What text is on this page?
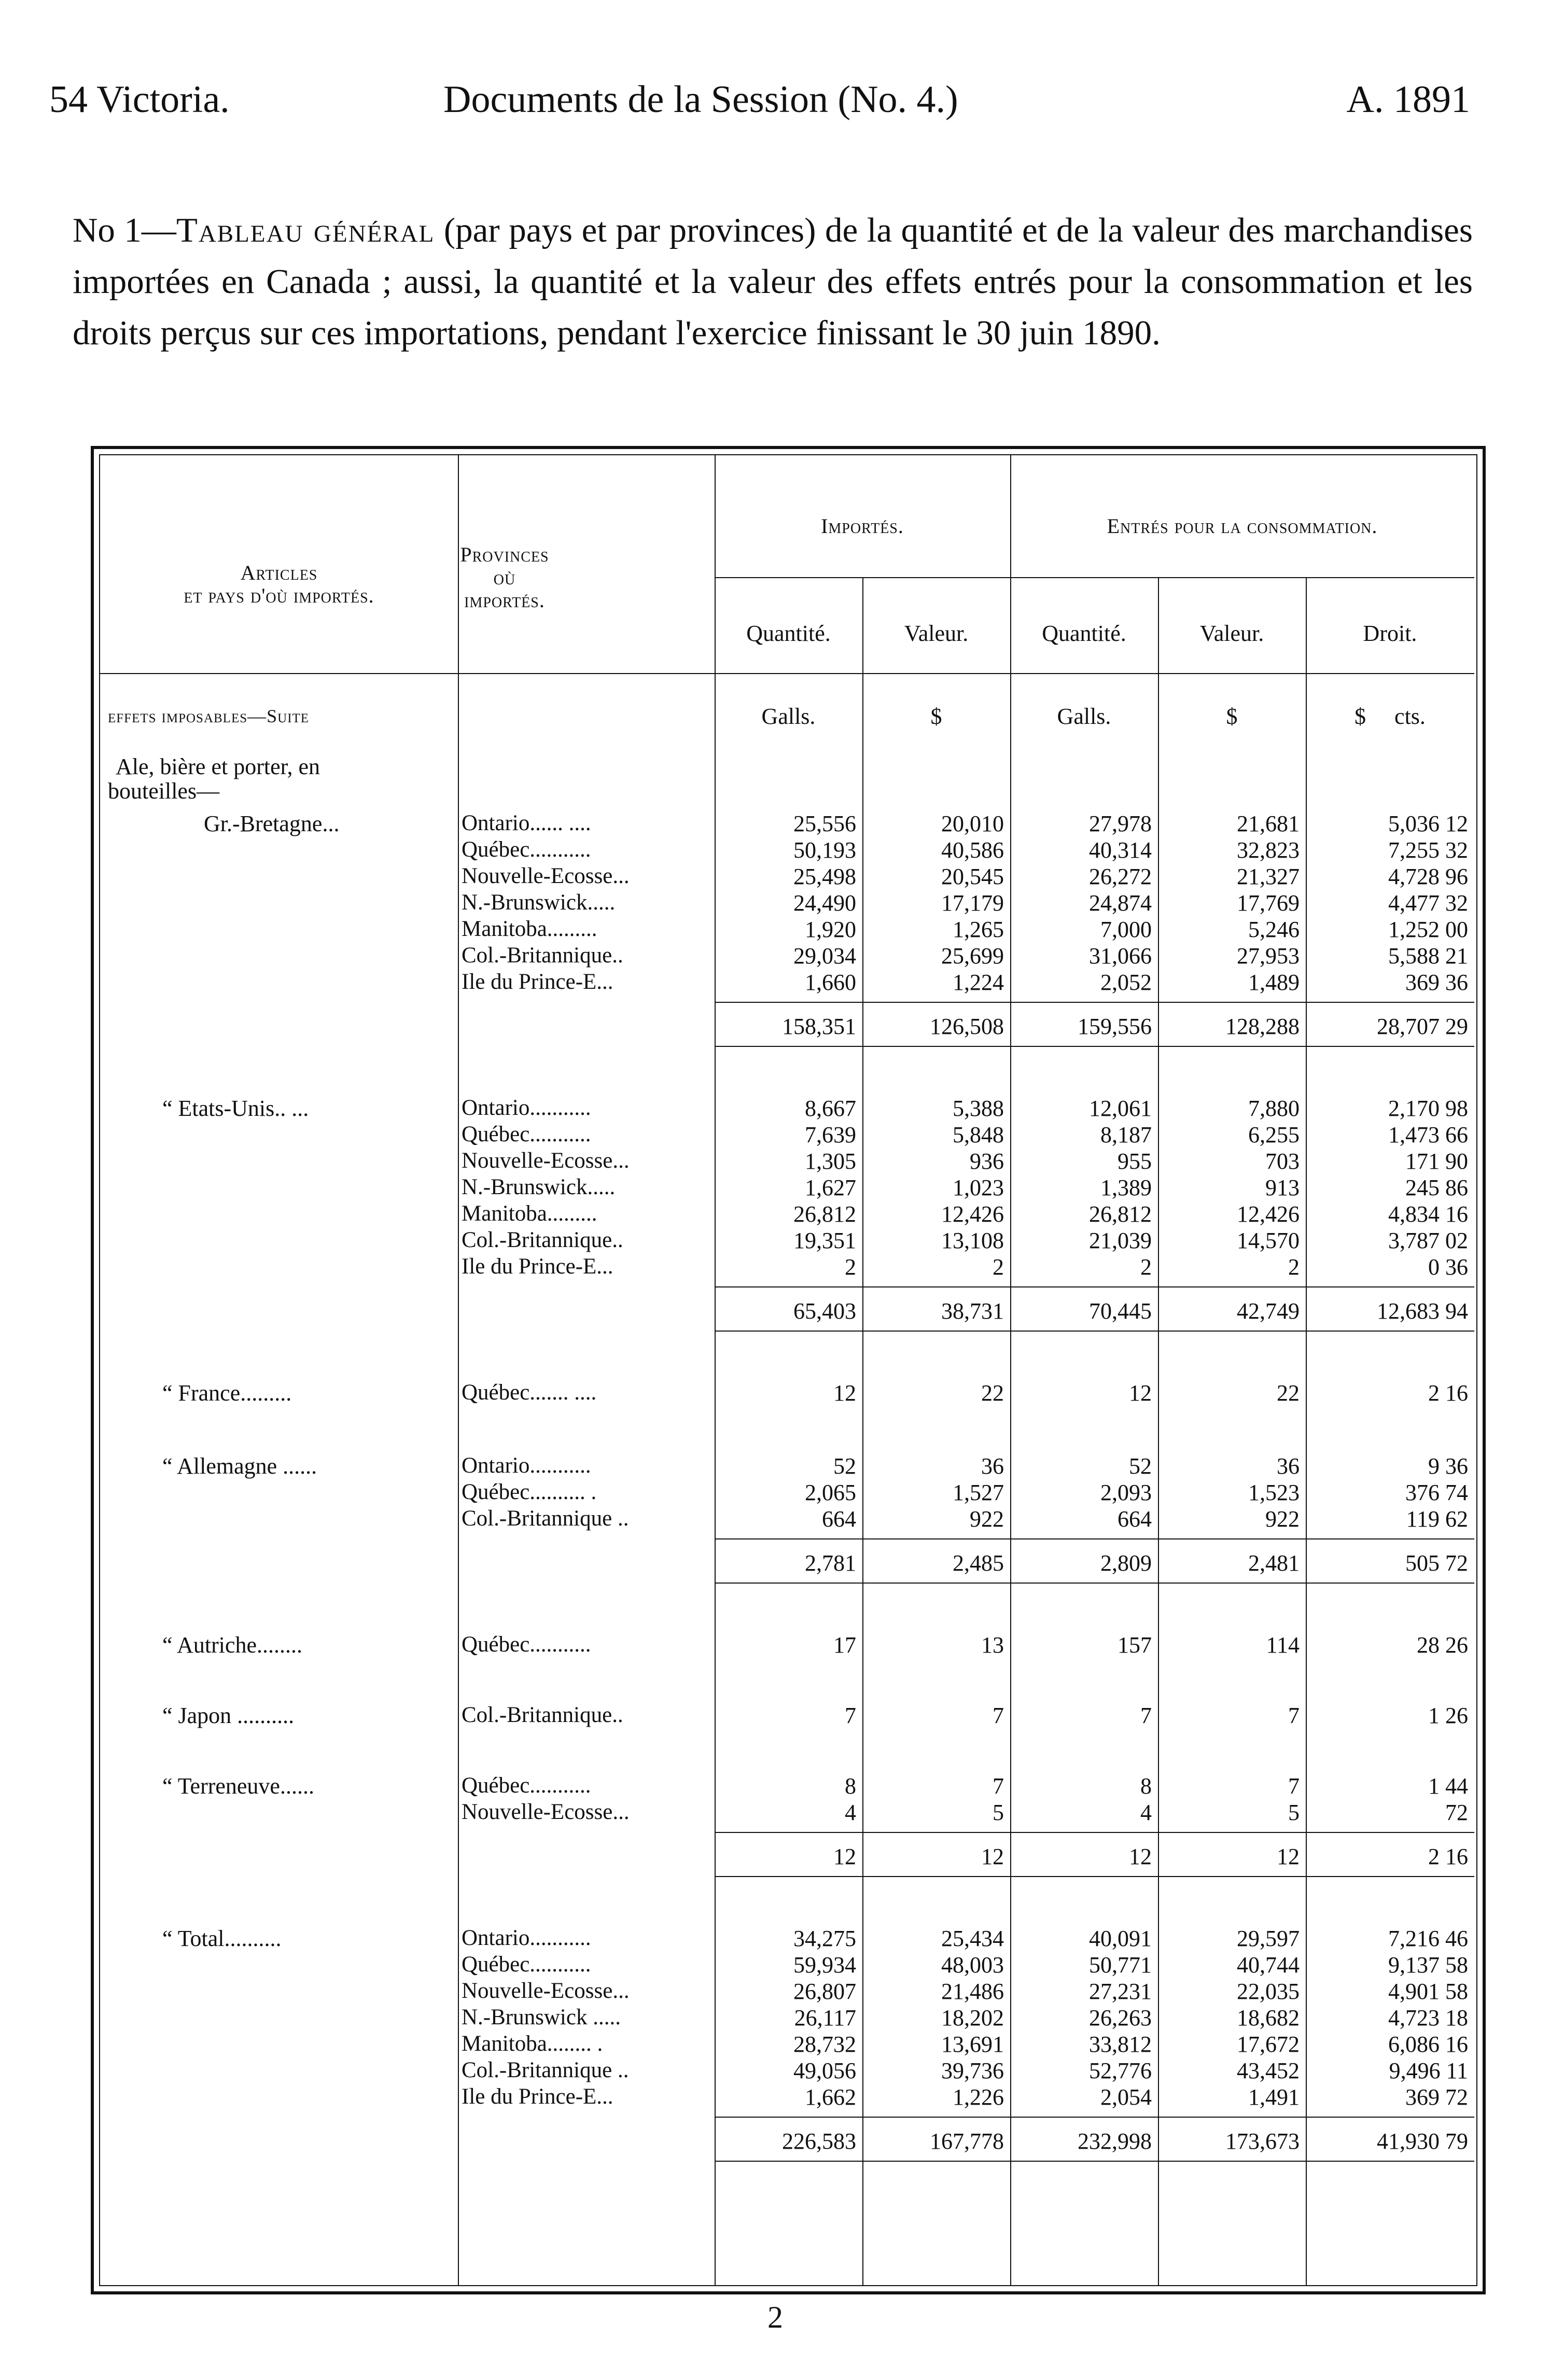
54 Victoria.	Documents de la Session (No. 4.)	A. 1891
No 1—Tableau général (par pays et par provinces) de la quantité et de la valeur des marchandises importées en Canada ; aussi, la quantité et la valeur des effets entrés pour la consommation et les droits perçus sur ces importations, pendant l'exercice finissant le 30 juin 1890.
Articles
et pays d'où importés.
Provinces
où
importés.
Importés.	Entrés pour la consommation.
Quantité.	Valeur.	Quantité.	Valeur.	Droit.
effets imposables—Suite	Galls.	$	Galls.	$	$     cts.
Ale, bière et porter, en
bouteilles—
Gr.-Bretagne...	Ontario...... ....	25,556	20,010	27,978	21,681	5,036 12
Québec...........	50,193	40,586	40,314	32,823	7,255 32
Nouvelle-Ecosse...	25,498	20,545	26,272	21,327	4,728 96
N.-Brunswick.....	24,490	17,179	24,874	17,769	4,477 32
Manitoba.........	1,920	1,265	7,000	5,246	1,252 00
Col.-Britannique..	29,034	25,699	31,066	27,953	5,588 21
Ile du Prince-E...	1,660	1,224	2,052	1,489	369 36
158,351	126,508	159,556	128,288	28,707 29
“ Etats-Unis.. ...	Ontario...........	8,667	5,388	12,061	7,880	2,170 98
Québec...........	7,639	5,848	8,187	6,255	1,473 66
Nouvelle-Ecosse...	1,305	936	955	703	171 90
N.-Brunswick.....	1,627	1,023	1,389	913	245 86
Manitoba.........	26,812	12,426	26,812	12,426	4,834 16
Col.-Britannique..	19,351	13,108	21,039	14,570	3,787 02
Ile du Prince-E...	2	2	2	2	0 36
65,403	38,731	70,445	42,749	12,683 94
“ France.........	Québec....... ....	12	22	12	22	2 16
“ Allemagne ......	Ontario...........	52	36	52	36	9 36
Québec.......... .	2,065	1,527	2,093	1,523	376 74
Col.-Britannique ..	664	922	664	922	119 62
2,781	2,485	2,809	2,481	505 72
“ Autriche........	Québec...........	17	13	157	114	28 26
“ Japon ..........	Col.-Britannique..	7	7	7	7	1 26
“ Terreneuve......	Québec...........	8	7	8	7	1 44
Nouvelle-Ecosse...	4	5	4	5	72
12	12	12	12	2 16
“ Total..........	Ontario...........	34,275	25,434	40,091	29,597	7,216 46
Québec...........	59,934	48,003	50,771	40,744	9,137 58
Nouvelle-Ecosse...	26,807	21,486	27,231	22,035	4,901 58
N.-Brunswick .....	26,117	18,202	26,263	18,682	4,723 18
Manitoba........ .	28,732	13,691	33,812	17,672	6,086 16
Col.-Britannique ..	49,056	39,736	52,776	43,452	9,496 11
Ile du Prince-E...	1,662	1,226	2,054	1,491	369 72
226,583	167,778	232,998	173,673	41,930 79
2
